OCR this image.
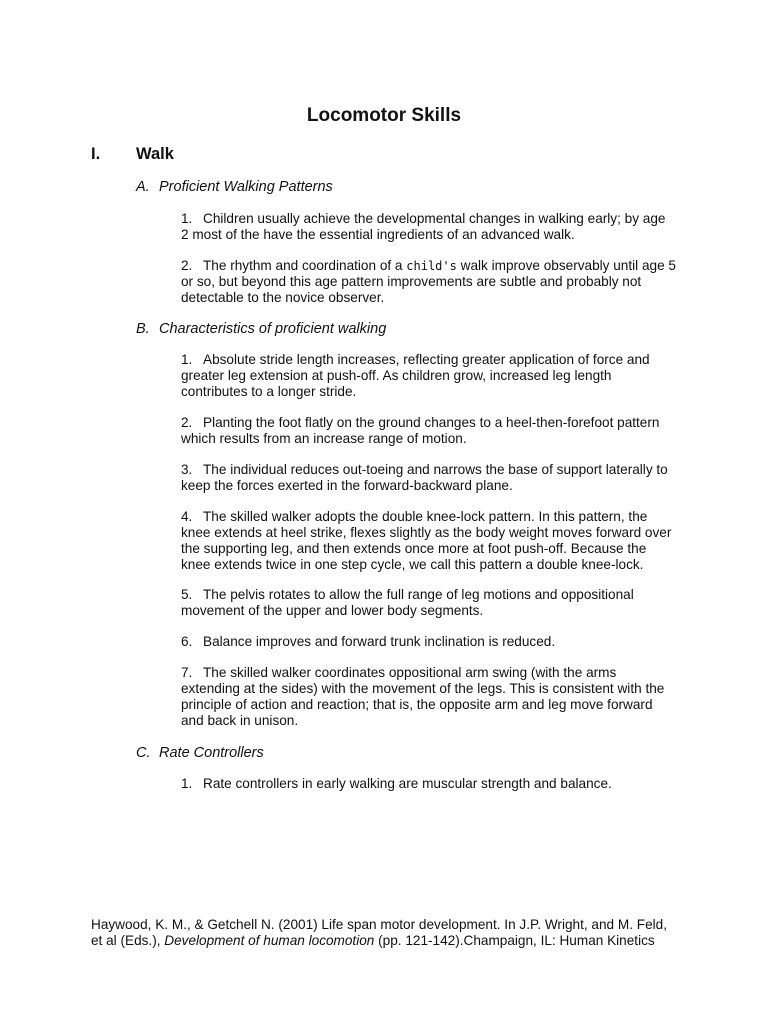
Locomotor Skills
I. Walk

A. Proficient Walking Patterns

1. Children usually achieve the developmental changes in walking early; by age 2 most of the have the essential ingredients of an advanced walk.

2. The rhythm and coordination of a child's walk improve observably until age 5 or so, but beyond this age pattern improvements are subtle and probably not detectable to the novice observer.

B. Characteristics of proficient walking

1. Absolute stride length increases, reflecting greater application of force and greater leg extension at push-off. As children grow, increased leg length contributes to a longer stride.

2. Planting the foot flatly on the ground changes to a heel-then-forefoot pattern which results from an increase range of motion.

3. The individual reduces out-toeing and narrows the base of support laterally to keep the forces exerted in the forward-backward plane.

4. The skilled walker adopts the double knee-lock pattern. In this pattern, the knee extends at heel strike, flexes slightly as the body weight moves forward over the supporting leg, and then extends once more at foot push-off. Because the knee extends twice in one step cycle, we call this pattern a double knee-lock.

5. The pelvis rotates to allow the full range of leg motions and oppositional movement of the upper and lower body segments.

6. Balance improves and forward trunk inclination is reduced.

7. The skilled walker coordinates oppositional arm swing (with the arms extending at the sides) with the movement of the legs. This is consistent with the principle of action and reaction; that is, the opposite arm and leg move forward and back in unison.

C. Rate Controllers

1. Rate controllers in early walking are muscular strength and balance.

Haywood, K. M., & Getchell N. (2001) Life span motor development. In J.P. Wright, and M. Feld, et al (Eds.), Development of human locomotion (pp. 121-142).Champaign, IL: Human Kinetics
